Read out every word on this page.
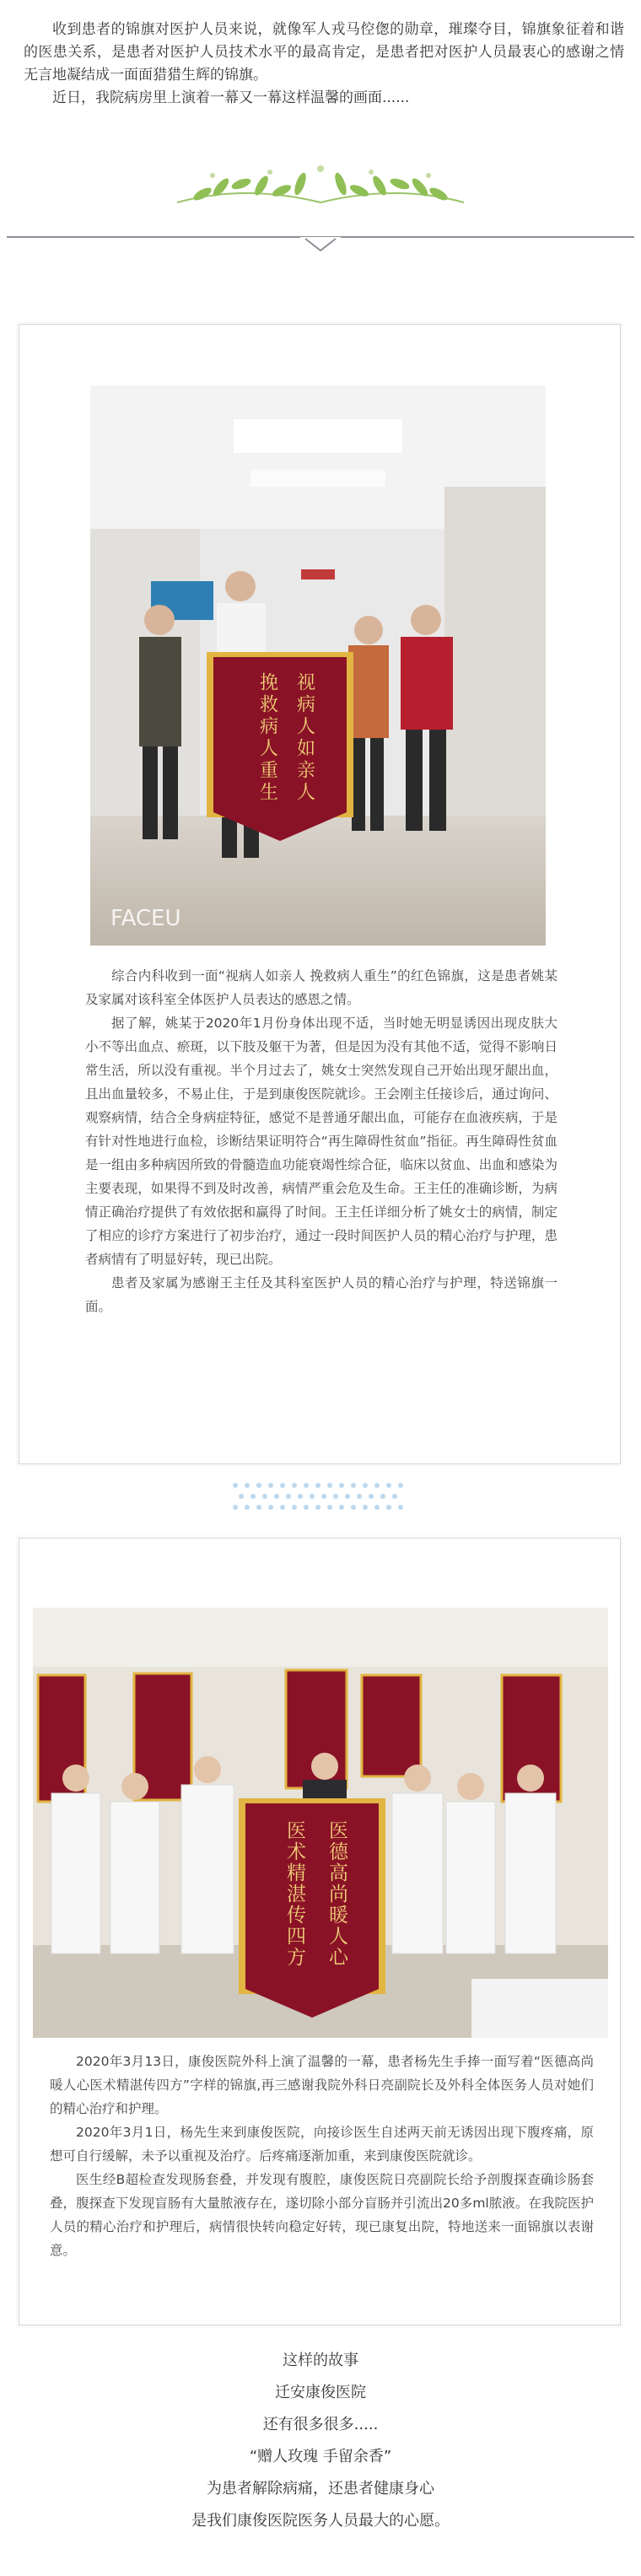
收到患者的锦旗对医护人员来说，就像军人戎马倥偬的勋章，璀璨夺目，锦旗象征着和谐的医患关系，是患者对医护人员技术水平的最高肯定，是患者把对医护人员最衷心的感谢之情无言地凝结成一面面猎猎生辉的锦旗。

近日，我院病房里上演着一幕又一幕这样温馨的画面......

视病人如亲人
挽救病人重生
FACEU

综合内科收到一面“视病人如亲人 挽救病人重生”的红色锦旗，这是患者姚某及家属对该科室全体医护人员表达的感恩之情。

据了解，姚某于2020年1月份身体出现不适，当时她无明显诱因出现皮肤大小不等出血点、瘀斑，以下肢及躯干为著，但是因为没有其他不适，觉得不影响日常生活，所以没有重视。半个月过去了，姚女士突然发现自己开始出现牙龈出血，且出血量较多，不易止住，于是到康俊医院就诊。王会刚主任接诊后，通过询问、观察病情，结合全身病症特征，感觉不是普通牙龈出血，可能存在血液疾病，于是有针对性地进行血检，诊断结果证明符合“再生障碍性贫血”指征。再生障碍性贫血是一组由多种病因所致的骨髓造血功能衰竭性综合征，临床以贫血、出血和感染为主要表现，如果得不到及时改善，病情严重会危及生命。王主任的准确诊断，为病情正确治疗提供了有效依据和赢得了时间。王主任详细分析了姚女士的病情，制定了相应的诊疗方案进行了初步治疗，通过一段时间医护人员的精心治疗与护理，患者病情有了明显好转，现已出院。

患者及家属为感谢王主任及其科室医护人员的精心治疗与护理，特送锦旗一面。

医德高尚暖人心
医术精湛传四方

2020年3月13日，康俊医院外科上演了温馨的一幕，患者杨先生手捧一面写着“医德高尚暖人心医术精湛传四方”字样的锦旗,再三感谢我院外科日亮副院长及外科全体医务人员对她们的精心治疗和护理。

2020年3月1日，杨先生来到康俊医院，向接诊医生自述两天前无诱因出现下腹疼痛，原想可自行缓解，未予以重视及治疗。后疼痛逐渐加重，来到康俊医院就诊。

医生经B超检查发现肠套叠，并发现有腹腔，康俊医院日亮副院长给予剖腹探查确诊肠套叠，腹探查下发现盲肠有大量脓液存在，遂切除小部分盲肠并引流出20多ml脓液。在我院医护人员的精心治疗和护理后，病情很快转向稳定好转，现已康复出院，特地送来一面锦旗以表谢意。

这样的故事
迁安康俊医院
还有很多很多.....
“赠人玫瑰 手留余香”
为患者解除病痛，还患者健康身心
是我们康俊医院医务人员最大的心愿。
